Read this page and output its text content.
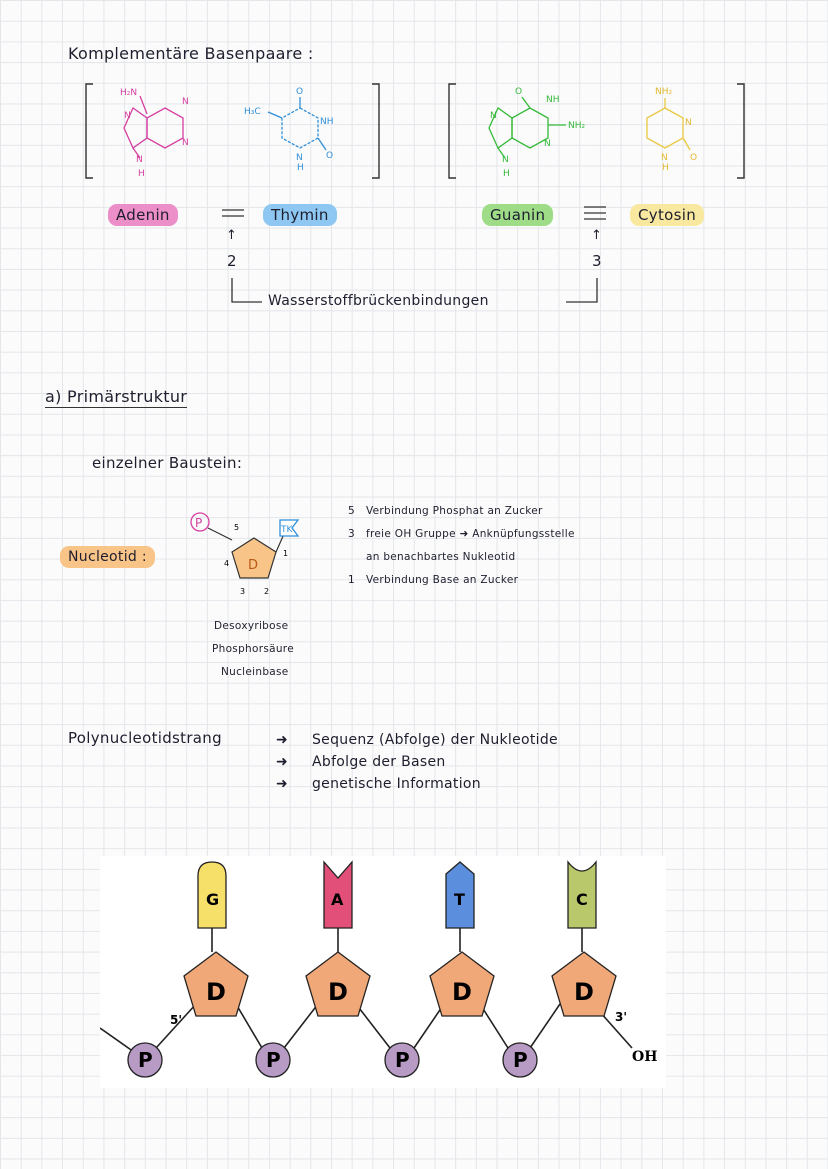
Komplementäre Basenpaare :
H₂N
N
N
N
N
H
H₃C
O
NH
N
H
O
O
NH
NH₂
N
N
N
H
NH₂
N
N
H
O
Adenin	Thymin	Guanin	Cytosin
↑
2
↑
3
Wasserstoffbrückenbindungen
a) Primärstruktur
einzelner Baustein:
Nucleotid :
P
D
TK
5
4
1
3 2
5 Verbindung Phosphat an Zucker
3 freie OH Gruppe ➜ Anknüpfungsstelle
an benachbartes Nukleotid
1 Verbindung Base an Zucker
Desoxyribose
Phosphorsäure
Nucleinbase
Polynucleotidstrang	➜ Sequenz (Abfolge) der Nukleotide
➜ Abfolge der Basen
➜ genetische Information
G	A	T	C
D	D	D	D
P	P	P	P
5'	3'
OH
